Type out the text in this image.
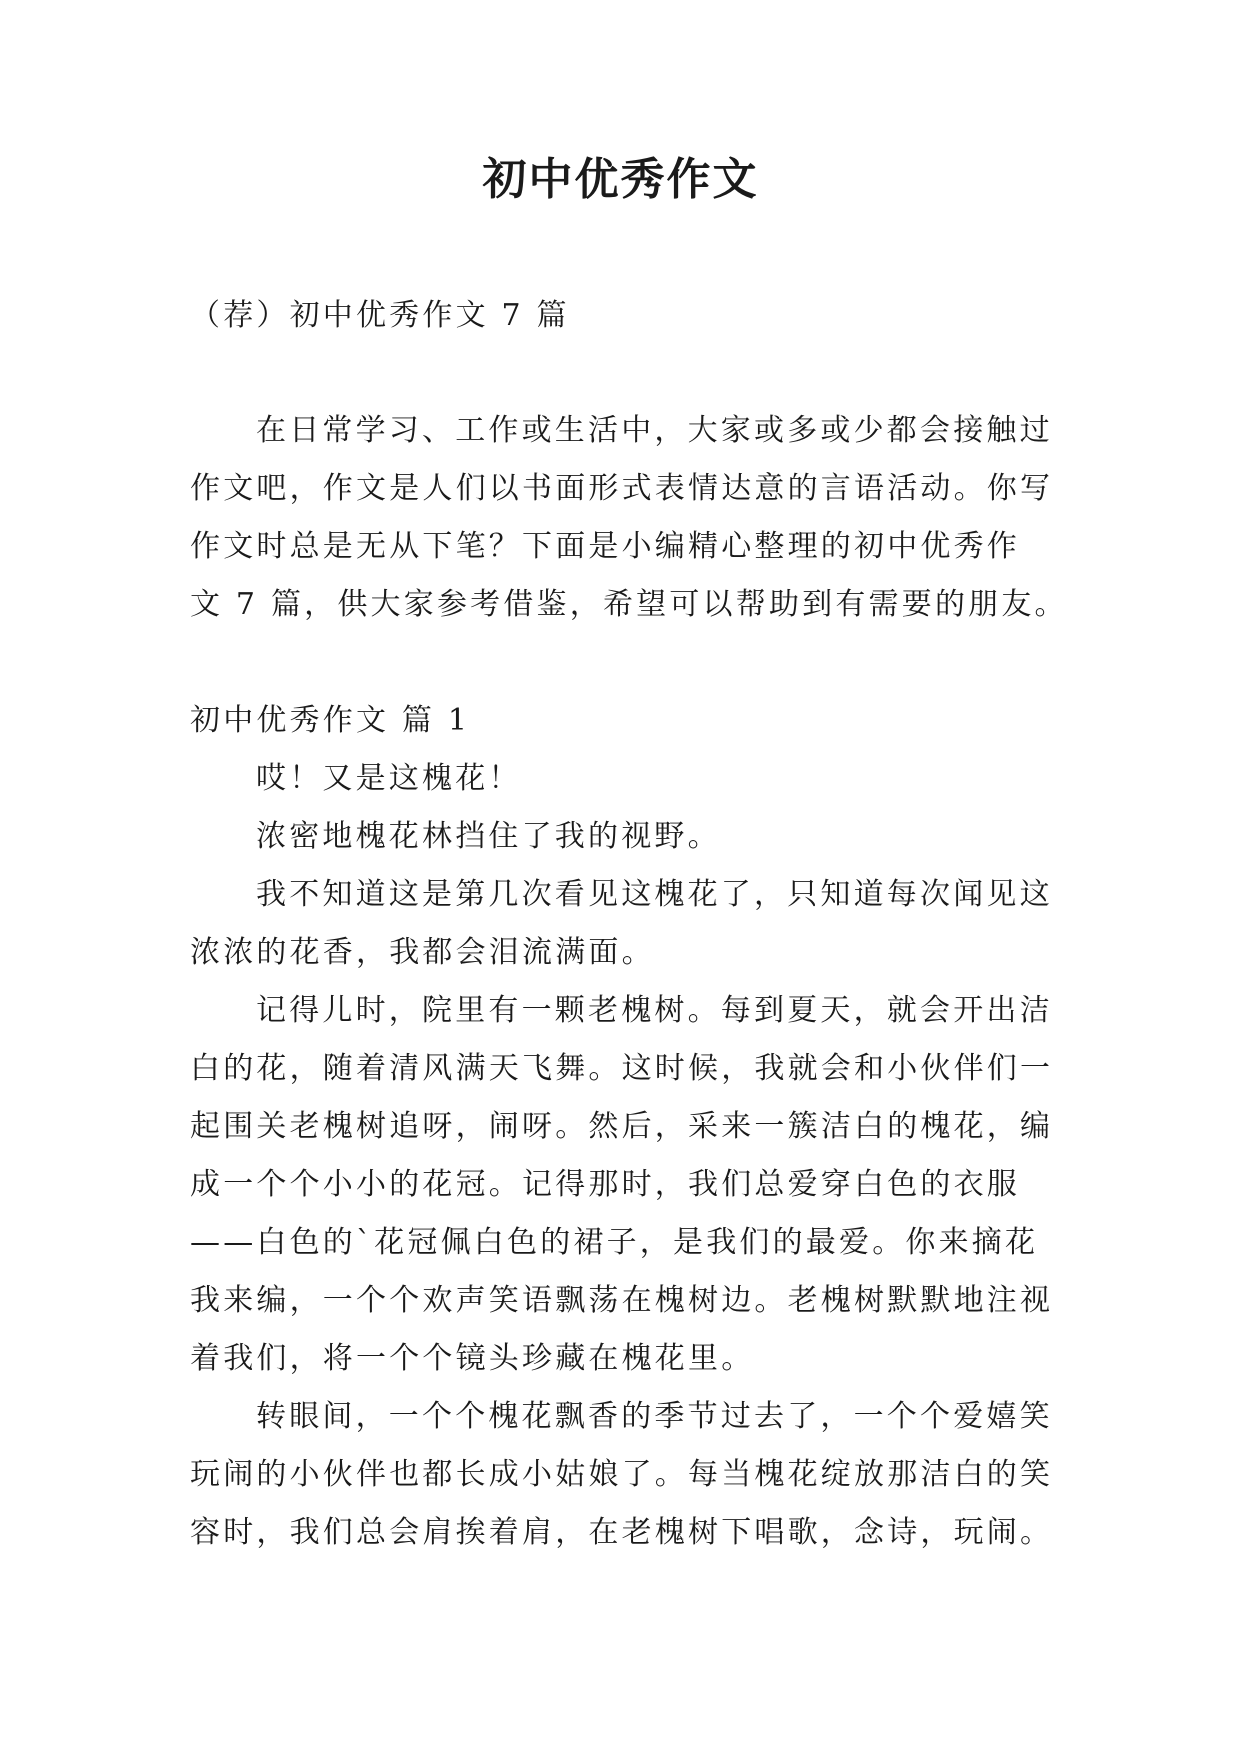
初中优秀作文
（荐）初中优秀作文 7 篇
在日常学习、工作或生活中，大家或多或少都会接触过
作文吧，作文是人们以书面形式表情达意的言语活动。你写
作文时总是无从下笔？下面是小编精心整理的初中优秀作
文 7 篇，供大家参考借鉴，希望可以帮助到有需要的朋友。
初中优秀作文 篇 1
哎！又是这槐花！
浓密地槐花林挡住了我的视野。
我不知道这是第几次看见这槐花了，只知道每次闻见这
浓浓的花香，我都会泪流满面。
记得儿时，院里有一颗老槐树。每到夏天，就会开出洁
白的花，随着清风满天飞舞。这时候，我就会和小伙伴们一
起围关老槐树追呀，闹呀。然后，采来一簇洁白的槐花，编
成一个个小小的花冠。记得那时，我们总爱穿白色的衣服
——白色的`花冠佩白色的裙子，是我们的最爱。你来摘花
我来编，一个个欢声笑语飘荡在槐树边。老槐树默默地注视
着我们，将一个个镜头珍藏在槐花里。
转眼间，一个个槐花飘香的季节过去了，一个个爱嬉笑
玩闹的小伙伴也都长成小姑娘了。每当槐花绽放那洁白的笑
容时，我们总会肩挨着肩，在老槐树下唱歌，念诗，玩闹。
